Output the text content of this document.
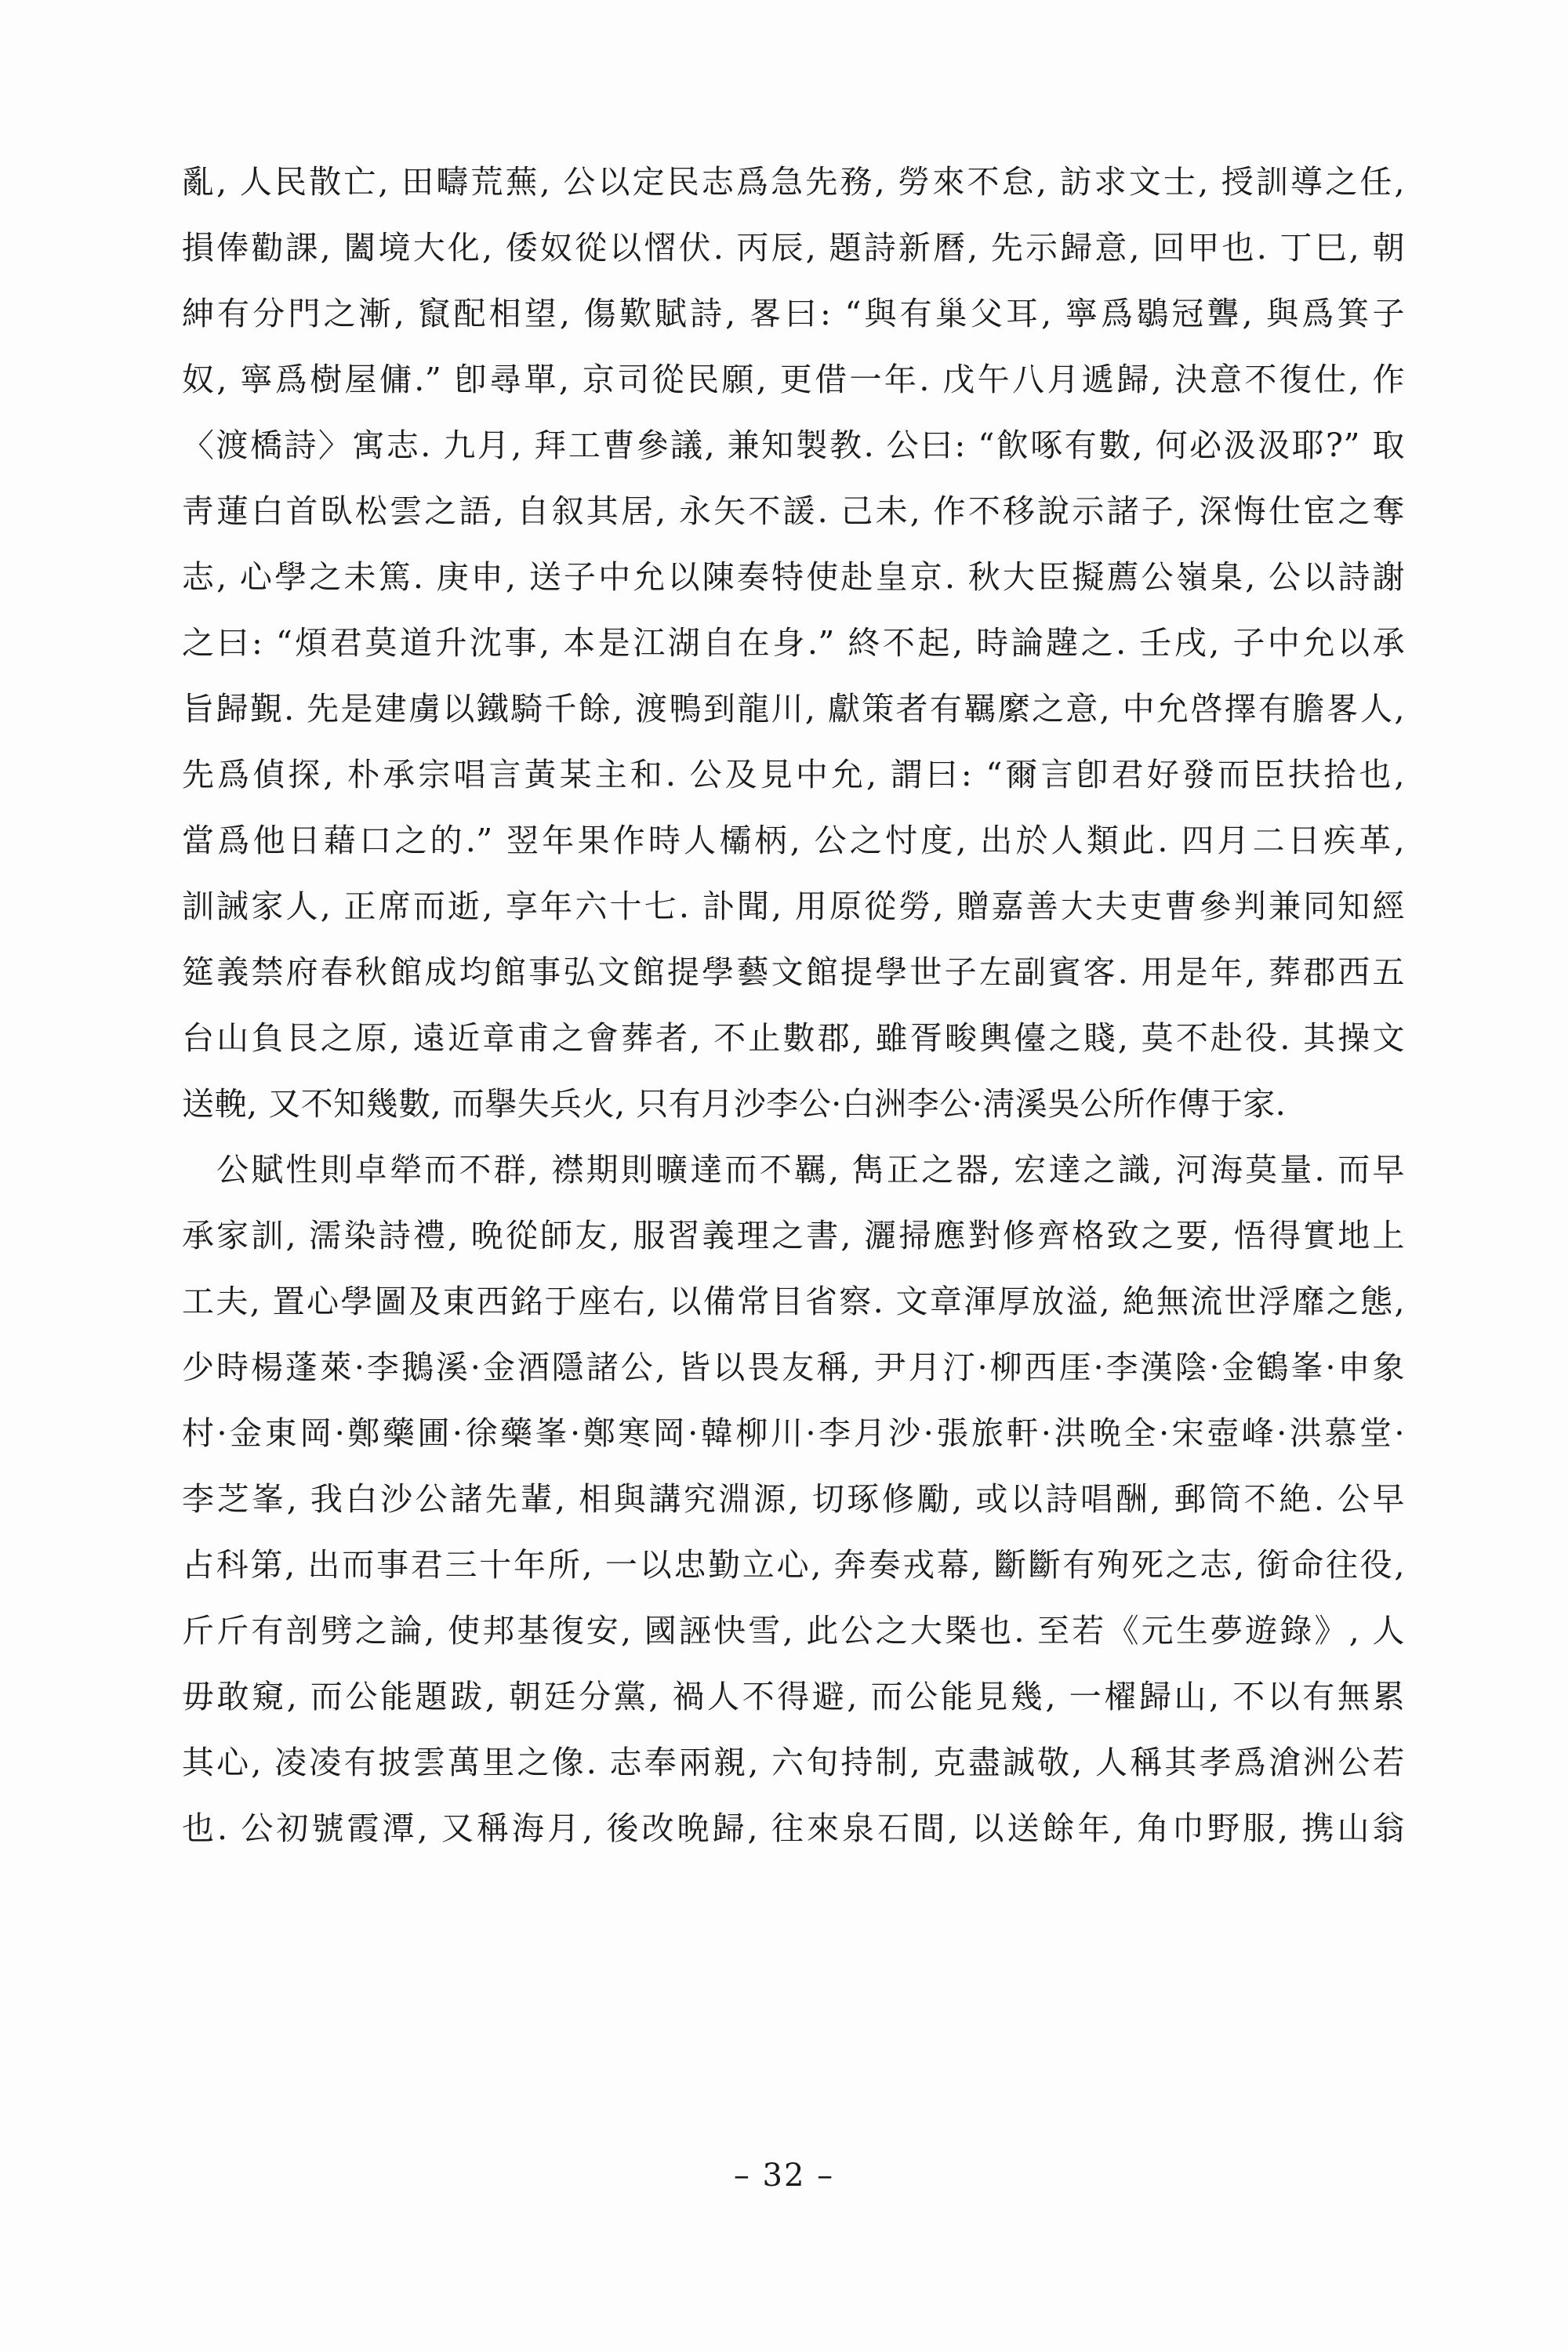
亂, 人民散亡, 田疇荒蕪, 公以定民志爲急先務, 勞來不怠, 訪求文士, 授訓導之任,
損俸勸課, 闔境大化, 倭奴從以慴伏. 丙辰, 題詩新曆, 先示歸意, 回甲也. 丁巳, 朝
紳有分門之漸, 竄配相望, 傷歎賦詩, 畧曰: “與有巢父耳, 寧爲鶡冠聾, 與爲箕子
奴, 寧爲樹屋傭.” 卽尋單, 京司從民願, 更借一年. 戊午八月遞歸, 決意不復仕, 作
〈渡橋詩〉寓志. 九月, 拜工曹參議, 兼知製教. 公曰: “飮啄有數, 何必汲汲耶?” 取
靑蓮白首臥松雲之語, 自叙其居, 永矢不諼. 己未, 作不移說示諸子, 深悔仕宦之奪
志, 心學之未篤. 庚申, 送子中允以陳奏特使赴皇京. 秋大臣擬薦公嶺臬, 公以詩謝
之曰: “煩君莫道升沈事, 本是江湖自在身.” 終不起, 時論韙之. 壬戌, 子中允以承
旨歸覲. 先是建虜以鐵騎千餘, 渡鴨到龍川, 獻策者有羈縻之意, 中允啓擇有膽畧人,
先爲偵探, 朴承宗唱言黃某主和. 公及見中允, 謂曰: “爾言卽君好發而臣扶拾也,
當爲他日藉口之的.” 翌年果作時人欛柄, 公之忖度, 出於人類此. 四月二日疾革,
訓誡家人, 正席而逝, 享年六十七. 訃聞, 用原從勞, 贈嘉善大夫吏曹參判兼同知經
筵義禁府春秋館成均館事弘文館提學藝文館提學世子左副賓客. 用是年, 葬郡西五
台山負艮之原, 遠近章甫之會葬者, 不止數郡, 雖胥畯輿儓之賤, 莫不赴役. 其操文
送輓, 又不知幾數, 而擧失兵火, 只有月沙李公·白洲李公·淸溪吳公所作傳于家.
公賦性則卓犖而不群, 襟期則曠達而不羈, 雋正之器, 宏達之識, 河海莫量. 而早
承家訓, 濡染詩禮, 晩從師友, 服習義理之書, 灑掃應對修齊格致之要, 悟得實地上
工夫, 置心學圖及東西銘于座右, 以備常目省察. 文章渾厚放溢, 絶無流世浮靡之態,
少時楊蓬萊·李鵝溪·金酒隱諸公, 皆以畏友稱, 尹月汀·柳西厓·李漢陰·金鶴峯·申象
村·金東岡·鄭藥圃·徐藥峯·鄭寒岡·韓柳川·李月沙·張旅軒·洪晩全·宋壺峰·洪慕堂·
李芝峯, 我白沙公諸先輩, 相與講究淵源, 切琢修勵, 或以詩唱酬, 郵筒不絶. 公早
占科第, 出而事君三十年所, 一以忠勤立心, 奔奏戎幕, 斷斷有殉死之志, 銜命往役,
斤斤有剖劈之論, 使邦基復安, 國誣快雪, 此公之大槩也. 至若《元生夢遊錄》, 人
毋敢窺, 而公能題跋, 朝廷分黨, 禍人不得避, 而公能見幾, 一櫂歸山, 不以有無累
其心, 凌凌有披雲萬里之像. 志奉兩親, 六旬持制, 克盡誠敬, 人稱其孝爲滄洲公若
也. 公初號霞潭, 又稱海月, 後改晩歸, 往來泉石間, 以送餘年, 角巾野服, 携山翁
– 32 –
